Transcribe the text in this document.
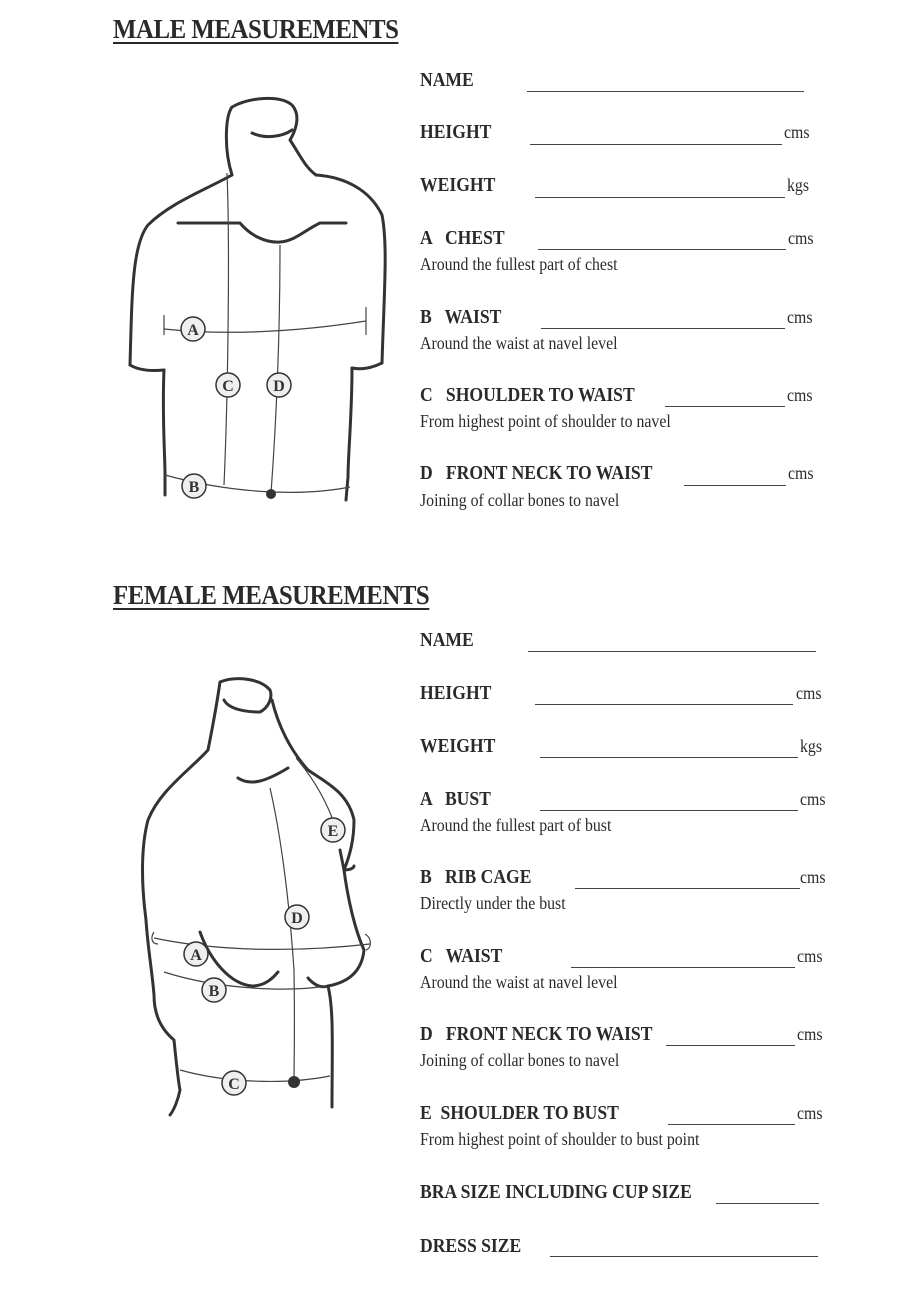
MALE MEASUREMENTS
A
C D
B
NAME
HEIGHT	cms
WEIGHT	kgs
A   CHEST	cms
Around the fullest part of chest
B   WAIST	cms
Around the waist at navel level
C   SHOULDER TO WAIST	cms
From highest point of shoulder to navel
D   FRONT NECK TO WAIST	cms
Joining of collar bones to navel
FEMALE MEASUREMENTS
E
D
A
B
C
NAME
HEIGHT	cms
WEIGHT	kgs
A   BUST	cms
Around the fullest part of bust
B   RIB CAGE	cms
Directly under the bust
C   WAIST	cms
Around the waist at navel level
D   FRONT NECK TO WAIST	cms
Joining of collar bones to navel
E  SHOULDER TO BUST	cms
From highest point of shoulder to bust point
BRA SIZE INCLUDING CUP SIZE
DRESS SIZE
